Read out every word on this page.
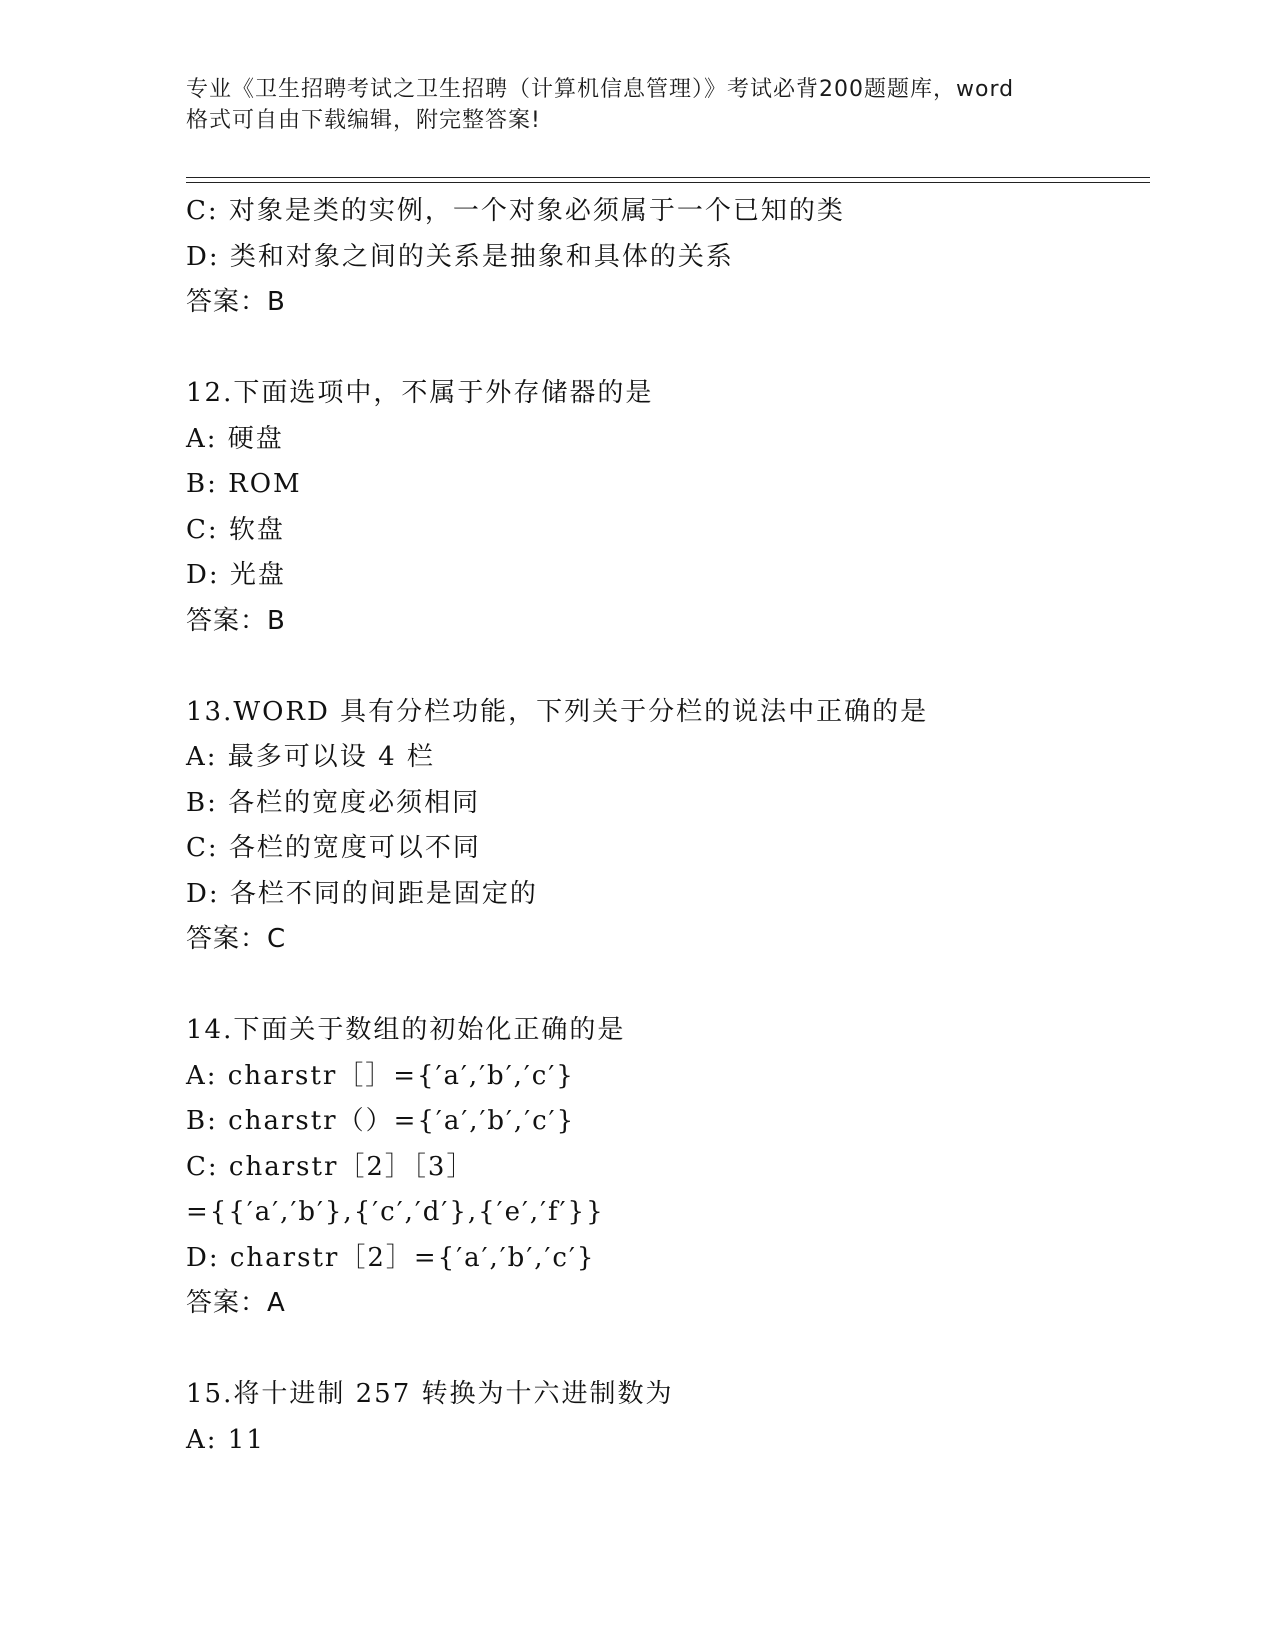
专业《卫生招聘考试之卫生招聘（计算机信息管理）》考试必背200题题库，word
格式可自由下载编辑，附完整答案!
C: 对象是类的实例，一个对象必须属于一个已知的类
D: 类和对象之间的关系是抽象和具体的关系
答案：B
12.下面选项中，不属于外存储器的是
A: 硬盘
B: ROM
C: 软盘
D: 光盘
答案：B
13.WORD 具有分栏功能，下列关于分栏的说法中正确的是
A: 最多可以设 4 栏
B: 各栏的宽度必须相同
C: 各栏的宽度可以不同
D: 各栏不同的间距是固定的
答案：C
14.下面关于数组的初始化正确的是
A: charstr［］={′a′,′b′,′c′}
B: charstr（）={′a′,′b′,′c′}
C: charstr［2］［3］
={{′a′,′b′},{′c′,′d′},{′e′,′f′}}
D: charstr［2］={′a′,′b′,′c′}
答案：A
15.将十进制 257 转换为十六进制数为
A: 11
